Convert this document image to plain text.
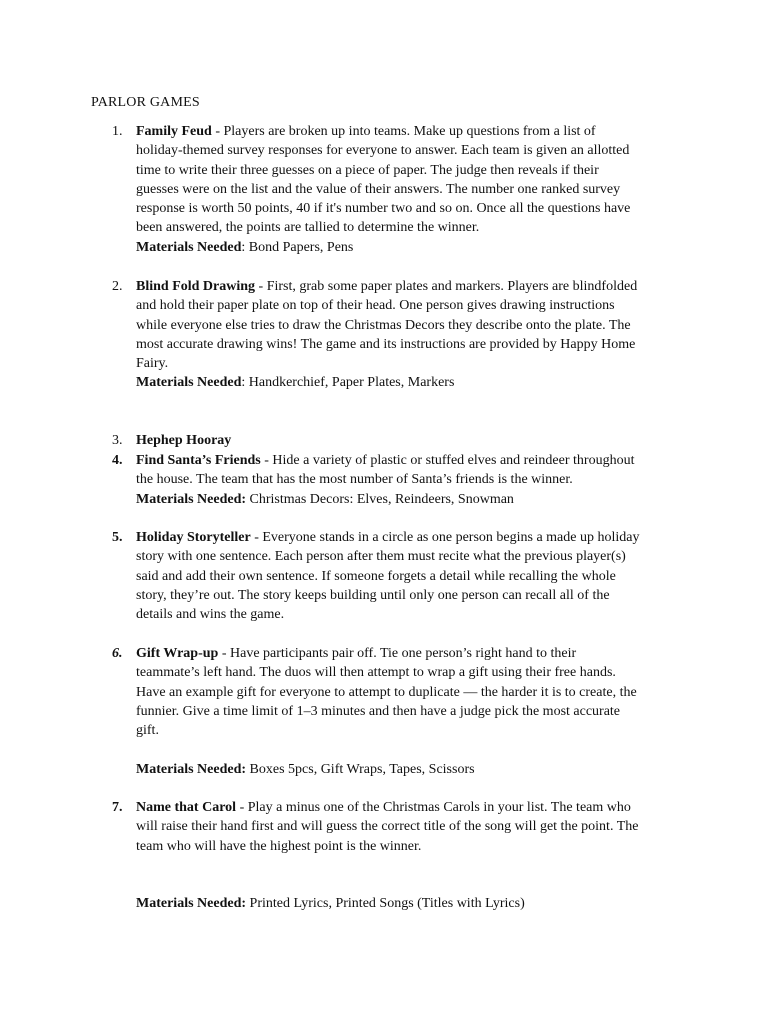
PARLOR GAMES
1. Family Feud - Players are broken up into teams. Make up questions from a list of
holiday-themed survey responses for everyone to answer. Each team is given an allotted
time to write their three guesses on a piece of paper. The judge then reveals if their
guesses were on the list and the value of their answers. The number one ranked survey
response is worth 50 points, 40 if it's number two and so on. Once all the questions have
been answered, the points are tallied to determine the winner.
Materials Needed: Bond Papers, Pens
2. Blind Fold Drawing - First, grab some paper plates and markers. Players are blindfolded
and hold their paper plate on top of their head. One person gives drawing instructions
while everyone else tries to draw the Christmas Decors they describe onto the plate. The
most accurate drawing wins! The game and its instructions are provided by Happy Home
Fairy.
Materials Needed: Handkerchief, Paper Plates, Markers
3. Hephep Hooray
4. Find Santa’s Friends - Hide a variety of plastic or stuffed elves and reindeer throughout
the house. The team that has the most number of Santa’s friends is the winner.
Materials Needed: Christmas Decors: Elves, Reindeers, Snowman
5. Holiday Storyteller - Everyone stands in a circle as one person begins a made up holiday
story with one sentence. Each person after them must recite what the previous player(s)
said and add their own sentence. If someone forgets a detail while recalling the whole
story, they’re out. The story keeps building until only one person can recall all of the
details and wins the game.
6. Gift Wrap-up - Have participants pair off. Tie one person’s right hand to their
teammate’s left hand. The duos will then attempt to wrap a gift using their free hands.
Have an example gift for everyone to attempt to duplicate — the harder it is to create, the
funnier. Give a time limit of 1–3 minutes and then have a judge pick the most accurate
gift.
Materials Needed: Boxes 5pcs, Gift Wraps, Tapes, Scissors
7. Name that Carol - Play a minus one of the Christmas Carols in your list. The team who
will raise their hand first and will guess the correct title of the song will get the point. The
team who will have the highest point is the winner.
Materials Needed: Printed Lyrics, Printed Songs (Titles with Lyrics)
